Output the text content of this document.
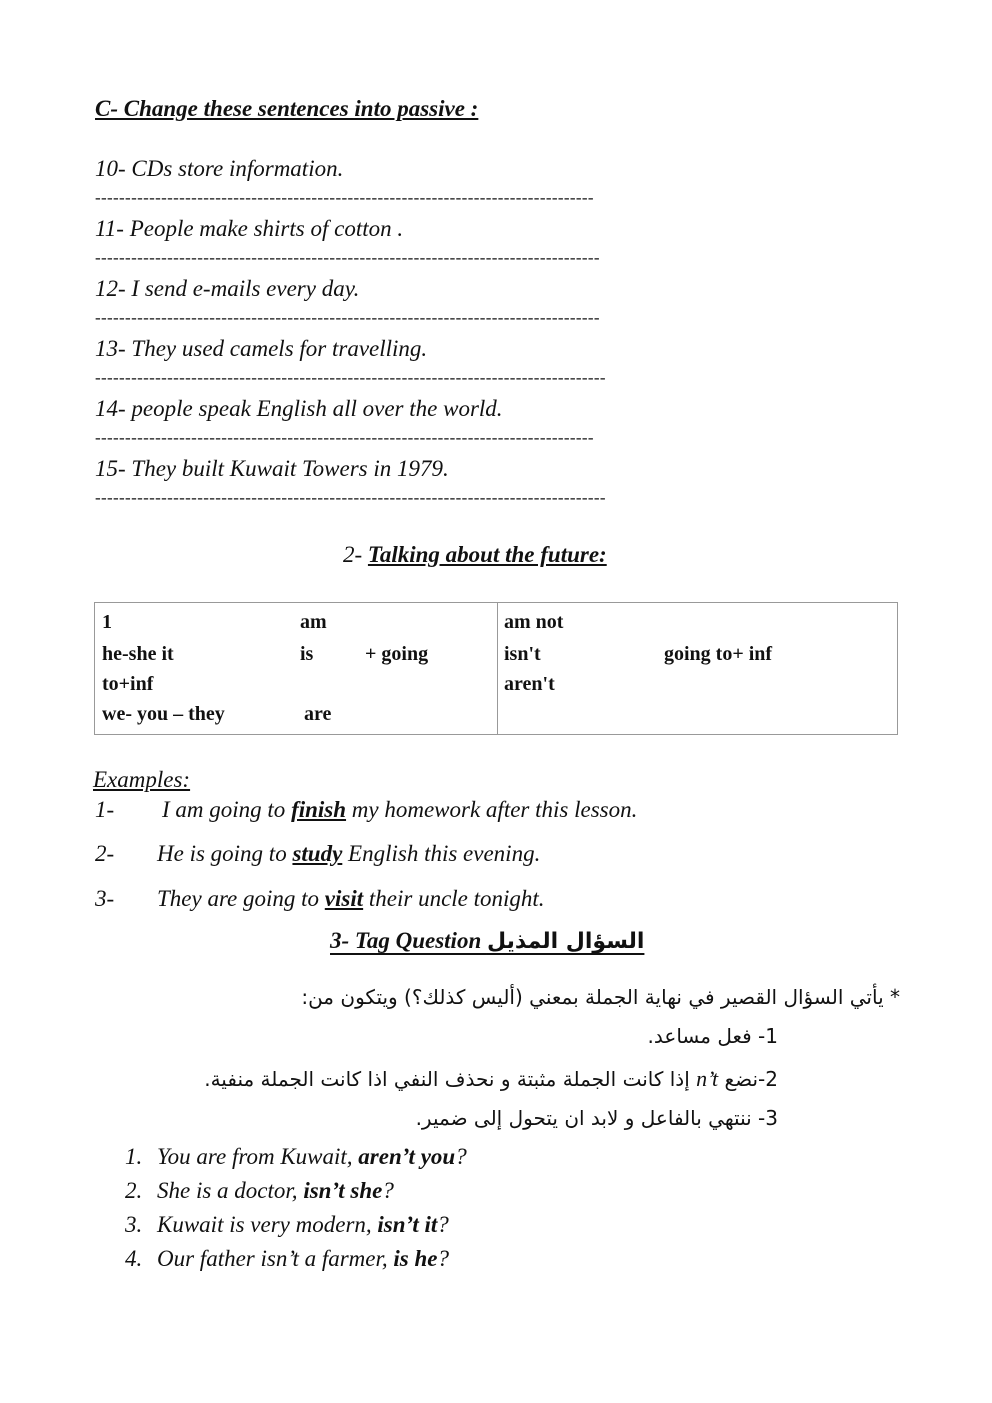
C- Change these sentences into passive :
10- CDs store information.
-----------------------------------------------------------------------------------
11- People make shirts of cotton .
------------------------------------------------------------------------------------
12- I send e-mails every day.
------------------------------------------------------------------------------------
13- They used camels for travelling.
-------------------------------------------------------------------------------------
14- people speak English all over the world.
-----------------------------------------------------------------------------------
15- They built Kuwait Towers in 1979.
-------------------------------------------------------------------------------------
2- Talking about the future:
1	am
he-she it	is	+ going
to+inf
we- you – they	are

am not
isn't	going to+ inf
aren't
Examples:
1- I am going to finish my homework after this lesson.
2- He is going to study English this evening.
3- They are going to visit their uncle tonight.
3- Tag Question السؤال المذيل
* يأتي السؤال القصير في نهاية الجملة بمعني (أليس كذلك؟) ويتكون من:
1- فعل مساعد.
2-نضع n’t إذا كانت الجملة مثبتة و نحذف النفي اذا كانت الجملة منفية.
3- ننتهي بالفاعل و لابد ان يتحول إلى ضمير.
1. You are from Kuwait, aren’t you?
2. She is a doctor, isn’t she?
3. Kuwait is very modern, isn’t it?
4. Our father isn’t a farmer, is he?
